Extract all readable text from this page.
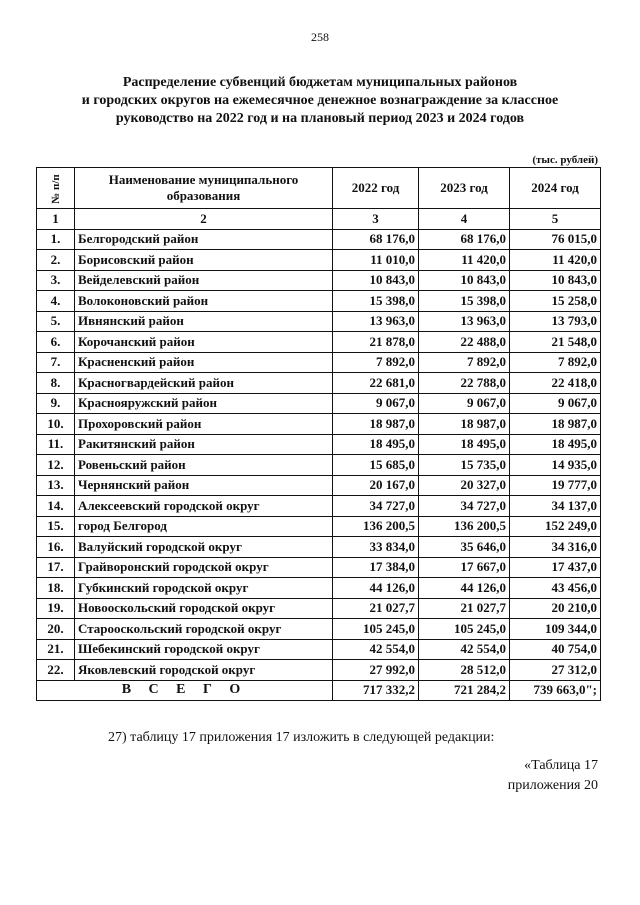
258
Распределение субвенций бюджетам муниципальных районов
и городских округов на ежемесячное денежное вознаграждение за классное
руководство на 2022 год и на плановый период 2023 и 2024 годов
(тыс. рублей)
№ п/п	Наименование муниципального образования	2022 год	2023 год	2024 год
1	2	3	4	5
1.	Белгородский район	68 176,0	68 176,0	76 015,0
2.	Борисовский район	11 010,0	11 420,0	11 420,0
3.	Вейделевский район	10 843,0	10 843,0	10 843,0
4.	Волоконовский район	15 398,0	15 398,0	15 258,0
5.	Ивнянский район	13 963,0	13 963,0	13 793,0
6.	Корочанский район	21 878,0	22 488,0	21 548,0
7.	Красненский район	7 892,0	7 892,0	7 892,0
8.	Красногвардейский район	22 681,0	22 788,0	22 418,0
9.	Краснояружский район	9 067,0	9 067,0	9 067,0
10.	Прохоровский район	18 987,0	18 987,0	18 987,0
11.	Ракитянский район	18 495,0	18 495,0	18 495,0
12.	Ровеньский район	15 685,0	15 735,0	14 935,0
13.	Чернянский район	20 167,0	20 327,0	19 777,0
14.	Алексеевский городской округ	34 727,0	34 727,0	34 137,0
15.	город Белгород	136 200,5	136 200,5	152 249,0
16.	Валуйский городской округ	33 834,0	35 646,0	34 316,0
17.	Грайворонский городской округ	17 384,0	17 667,0	17 437,0
18.	Губкинский городской округ	44 126,0	44 126,0	43 456,0
19.	Новооскольский городской округ	21 027,7	21 027,7	20 210,0
20.	Старооскольский городской округ	105 245,0	105 245,0	109 344,0
21.	Шебекинский городской округ	42 554,0	42 554,0	40 754,0
22.	Яковлевский городской округ	27 992,0	28 512,0	27 312,0
В С Е Г О		717 332,2	721 284,2	739 663,0";
27) таблицу 17 приложения 17 изложить в следующей редакции:
«Таблица 17
приложения 20
